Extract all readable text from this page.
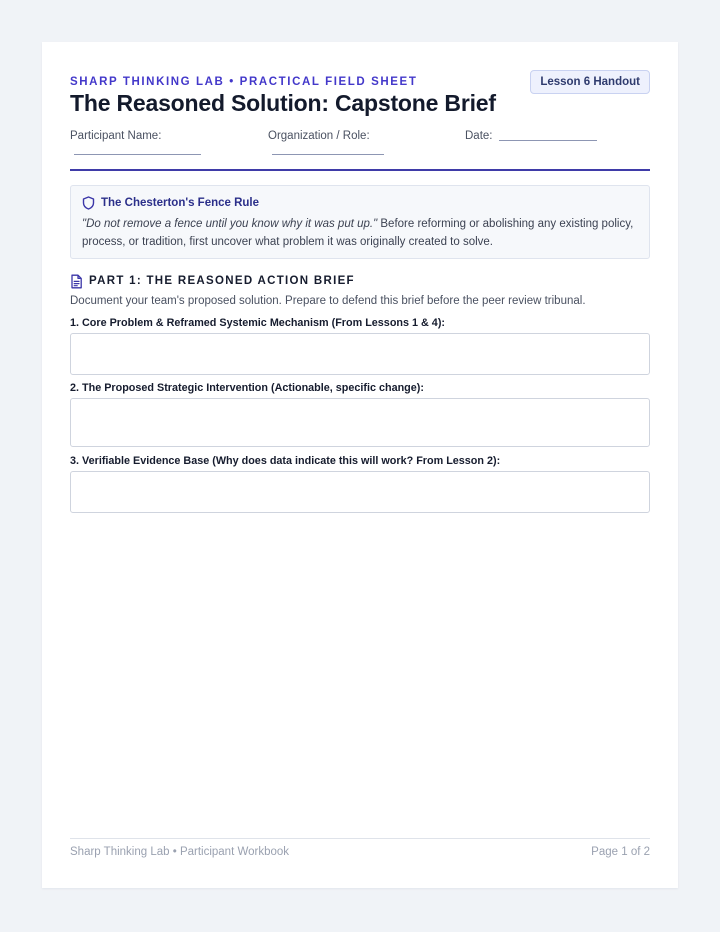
SHARP THINKING LAB • PRACTICAL FIELD SHEET	Lesson 6 Handout
The Reasoned Solution: Capstone Brief
Participant Name:	Organization / Role:	Date:
The Chesterton's Fence Rule
"Do not remove a fence until you know why it was put up." Before reforming or abolishing any existing policy, process, or tradition, first uncover what problem it was originally created to solve.
PART 1: THE REASONED ACTION BRIEF
Document your team's proposed solution. Prepare to defend this brief before the peer review tribunal.
1. Core Problem & Reframed Systemic Mechanism (From Lessons 1 & 4):
2. The Proposed Strategic Intervention (Actionable, specific change):
3. Verifiable Evidence Base (Why does data indicate this will work? From Lesson 2):
Sharp Thinking Lab • Participant Workbook	Page 1 of 2
